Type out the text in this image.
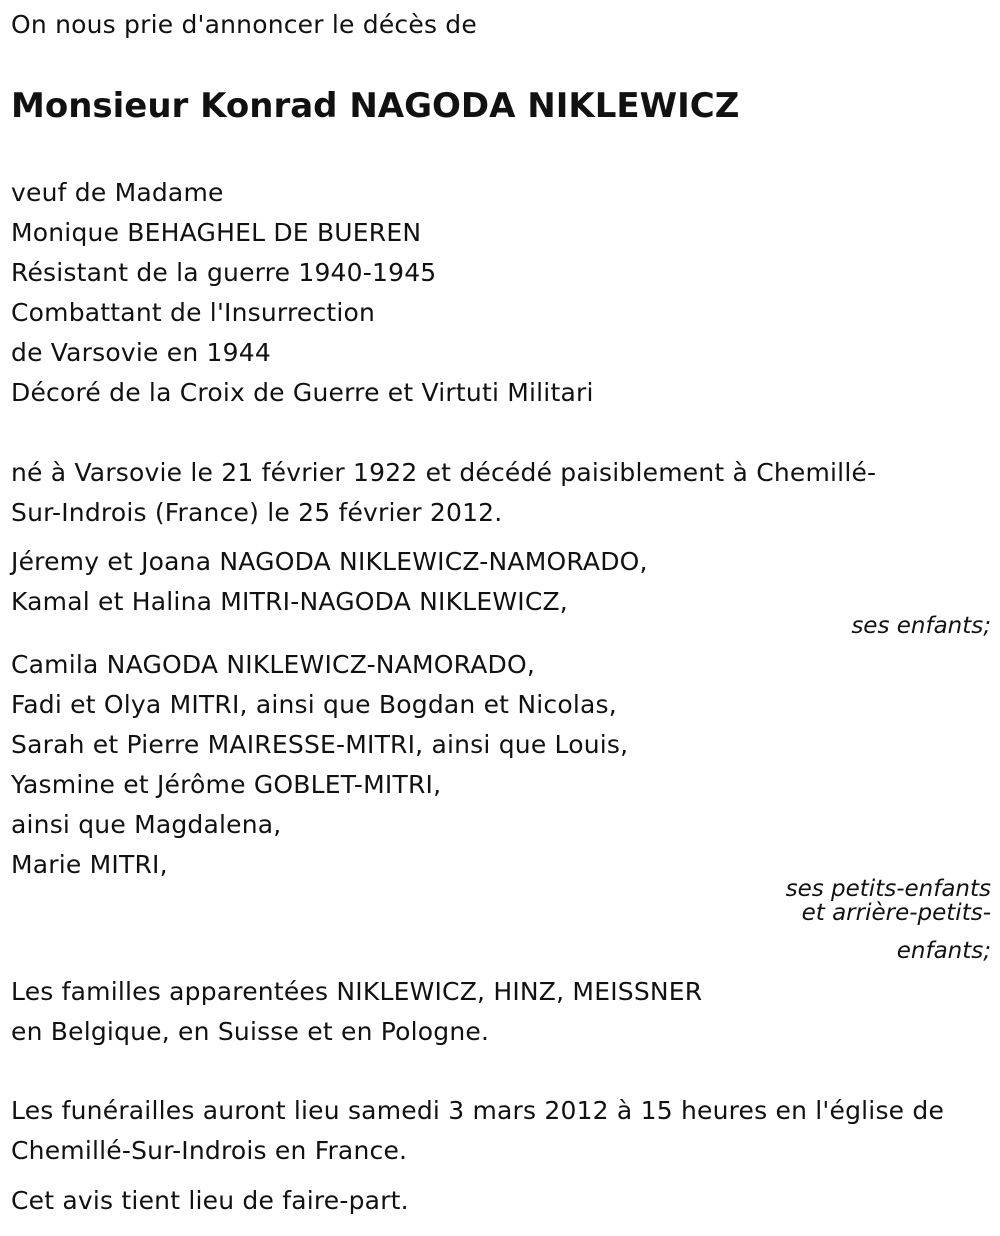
On nous prie d'annoncer le décès de
Monsieur Konrad NAGODA NIKLEWICZ
veuf de Madame
Monique BEHAGHEL DE BUEREN
Résistant de la guerre 1940-1945
Combattant de l'Insurrection
de Varsovie en 1944
Décoré de la Croix de Guerre et Virtuti Militari
né à Varsovie le 21 février 1922 et décédé paisiblement à Chemillé-
Sur-Indrois (France) le 25 février 2012.
Jéremy et Joana NAGODA NIKLEWICZ-NAMORADO,
Kamal et Halina MITRI-NAGODA NIKLEWICZ,
ses enfants;
Camila NAGODA NIKLEWICZ-NAMORADO,
Fadi et Olya MITRI, ainsi que Bogdan et Nicolas,
Sarah et Pierre MAIRESSE-MITRI, ainsi que Louis,
Yasmine et Jérôme GOBLET-MITRI,
ainsi que Magdalena,
Marie MITRI,
ses petits-enfants
et arrière-petits-
enfants;
Les familles apparentées NIKLEWICZ, HINZ, MEISSNER
en Belgique, en Suisse et en Pologne.
Les funérailles auront lieu samedi 3 mars 2012 à 15 heures en l'église de
Chemillé-Sur-Indrois en France.
Cet avis tient lieu de faire-part.
